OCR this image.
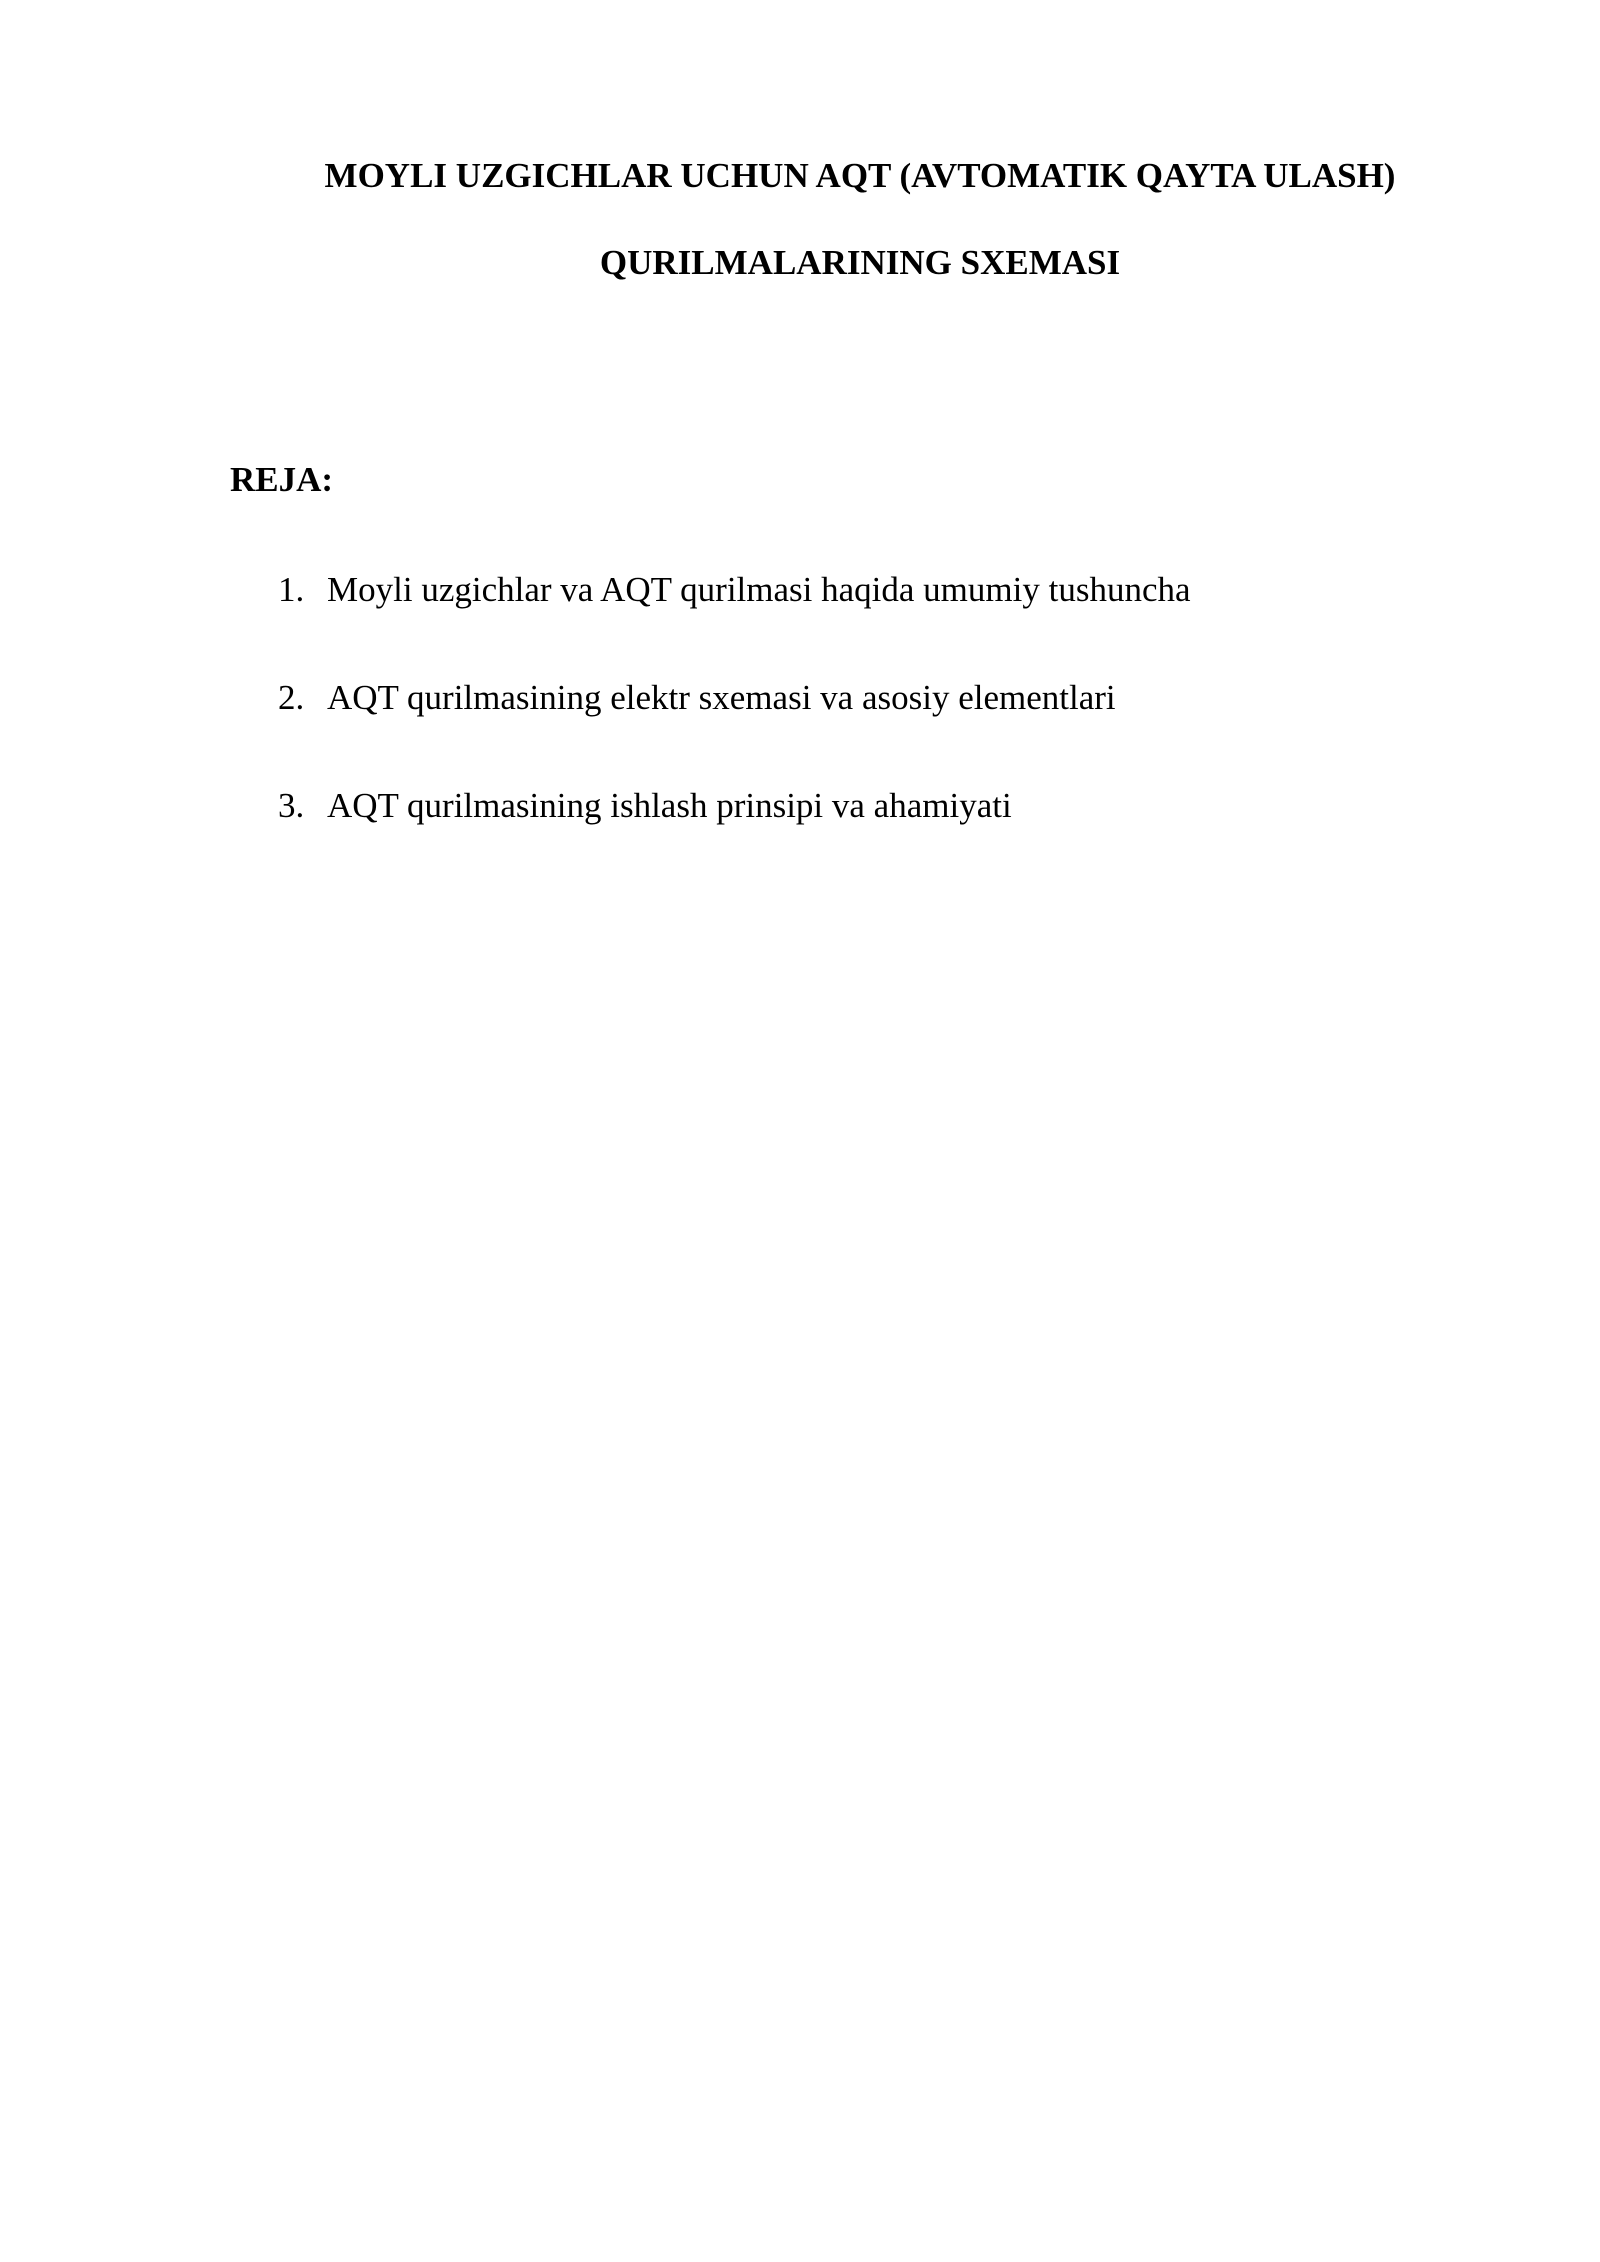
MOYLI UZGICHLAR UCHUN AQT (AVTOMATIK QAYTA ULASH)
QURILMALARINING SXEMASI
REJA:
1. Moyli uzgichlar va AQT qurilmasi haqida umumiy tushuncha
2. AQT qurilmasining elektr sxemasi va asosiy elementlari
3. AQT qurilmasining ishlash prinsipi va ahamiyati
